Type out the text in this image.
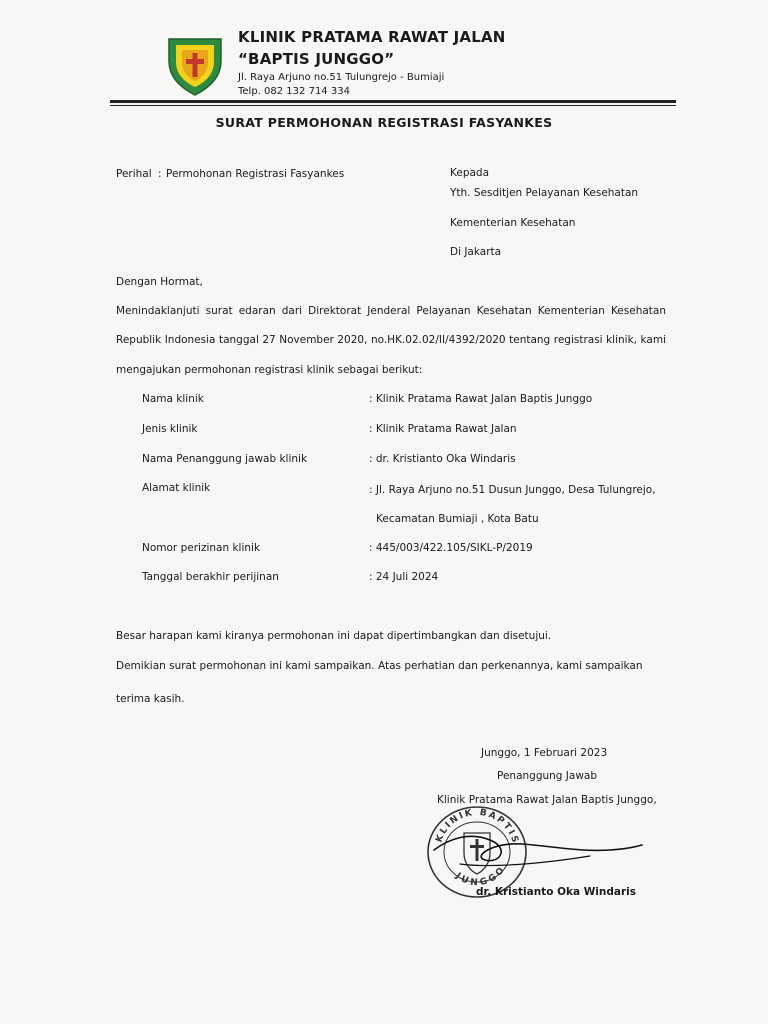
KLINIK PRATAMA RAWAT JALAN
“BAPTIS JUNGGO”
Jl. Raya Arjuno no.51 Tulungrejo - Bumiaji
Telp. 082 132 714 334
SURAT PERMOHONAN REGISTRASI FASYANKES
Perihal : Permohonan Registrasi Fasyankes	Kepada
Yth. Sesditjen Pelayanan Kesehatan
Kementerian Kesehatan
Di Jakarta
Dengan Hormat,
Menindaklanjuti surat edaran dari Direktorat Jenderal Pelayanan Kesehatan Kementerian Kesehatan
Republik Indonesia tanggal 27 November 2020, no.HK.02.02/II/4392/2020 tentang registrasi klinik, kami
mengajukan permohonan registrasi klinik sebagai berikut:
Nama klinik	: Klinik Pratama Rawat Jalan Baptis Junggo
Jenis klinik	: Klinik Pratama Rawat Jalan
Nama Penanggung jawab klinik	: dr. Kristianto Oka Windaris
Alamat klinik	: Jl. Raya Arjuno no.51 Dusun Junggo, Desa Tulungrejo,
Kecamatan Bumiaji , Kota Batu
Nomor perizinan klinik	: 445/003/422.105/SIKL-P/2019
Tanggal berakhir perijinan	: 24 Juli 2024
Besar harapan kami kiranya permohonan ini dapat dipertimbangkan dan disetujui.
Demikian surat permohonan ini kami sampaikan. Atas perhatian dan perkenannya, kami sampaikan
terima kasih.
Junggo, 1 Februari 2023
Penanggung Jawab
Klinik Pratama Rawat Jalan Baptis Junggo,
KLINIK BAPTIS
JUNGGO
dr. Kristianto Oka Windaris
